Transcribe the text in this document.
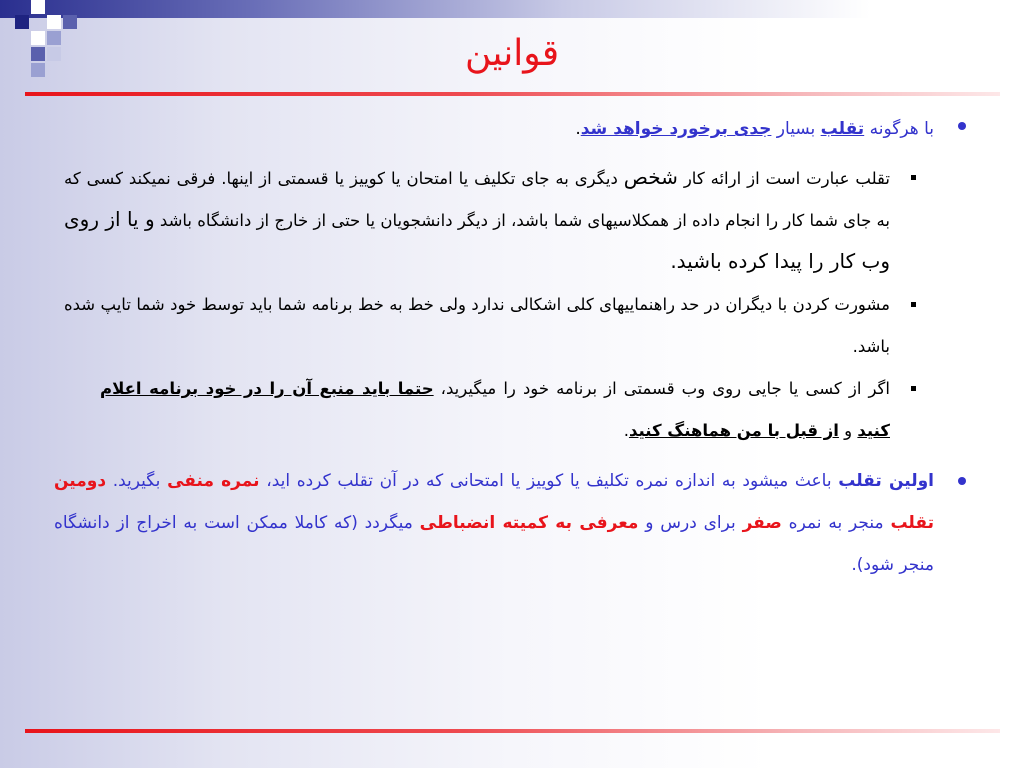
قوانین

با هرگونه تقلب بسیار جدی برخورد خواهد شد.

تقلب عبارت است از ارائه کار شخص دیگری به جای تکلیف یا امتحان یا کوییز یا قسمتی از اینها. فرقی نمیکند کسی که به جای شما کار را انجام داده از همکلاسیهای شما باشد، از دیگر دانشجویان یا حتی از خارج از دانشگاه باشد و یا از روی وب کار را پیدا کرده باشید.

مشورت کردن با دیگران در حد راهنماییهای کلی اشکالی ندارد ولی خط به خط برنامه شما باید توسط خود شما تایپ شده باشد.

اگر از کسی یا جایی روی وب قسمتی از برنامه خود را میگیرید، حتما باید منبع آن را در خود برنامه اعلام کنید و از قبل با من هماهنگ کنید.

اولین تقلب باعث میشود به اندازه نمره تکلیف یا کوییز یا امتحانی که در آن تقلب کرده اید، نمره منفی بگیرید. دومین تقلب منجر به نمره صفر برای درس و معرفی به کمیته انضباطی میگردد (که کاملا ممکن است به اخراج از دانشگاه منجر شود).
